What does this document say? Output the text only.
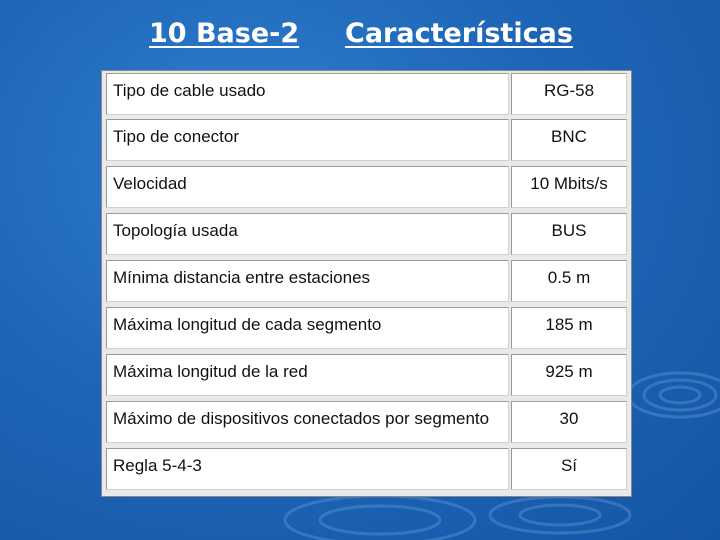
10 Base-2 Características
Tipo de cable usado	RG-58
Tipo de conector	BNC
Velocidad	10 Mbits/s
Topología usada	BUS
Mínima distancia entre estaciones	0.5 m
Máxima longitud de cada segmento	185 m
Máxima longitud de la red	925 m
Máximo de dispositivos conectados por segmento	30
Regla 5-4-3	Sí
